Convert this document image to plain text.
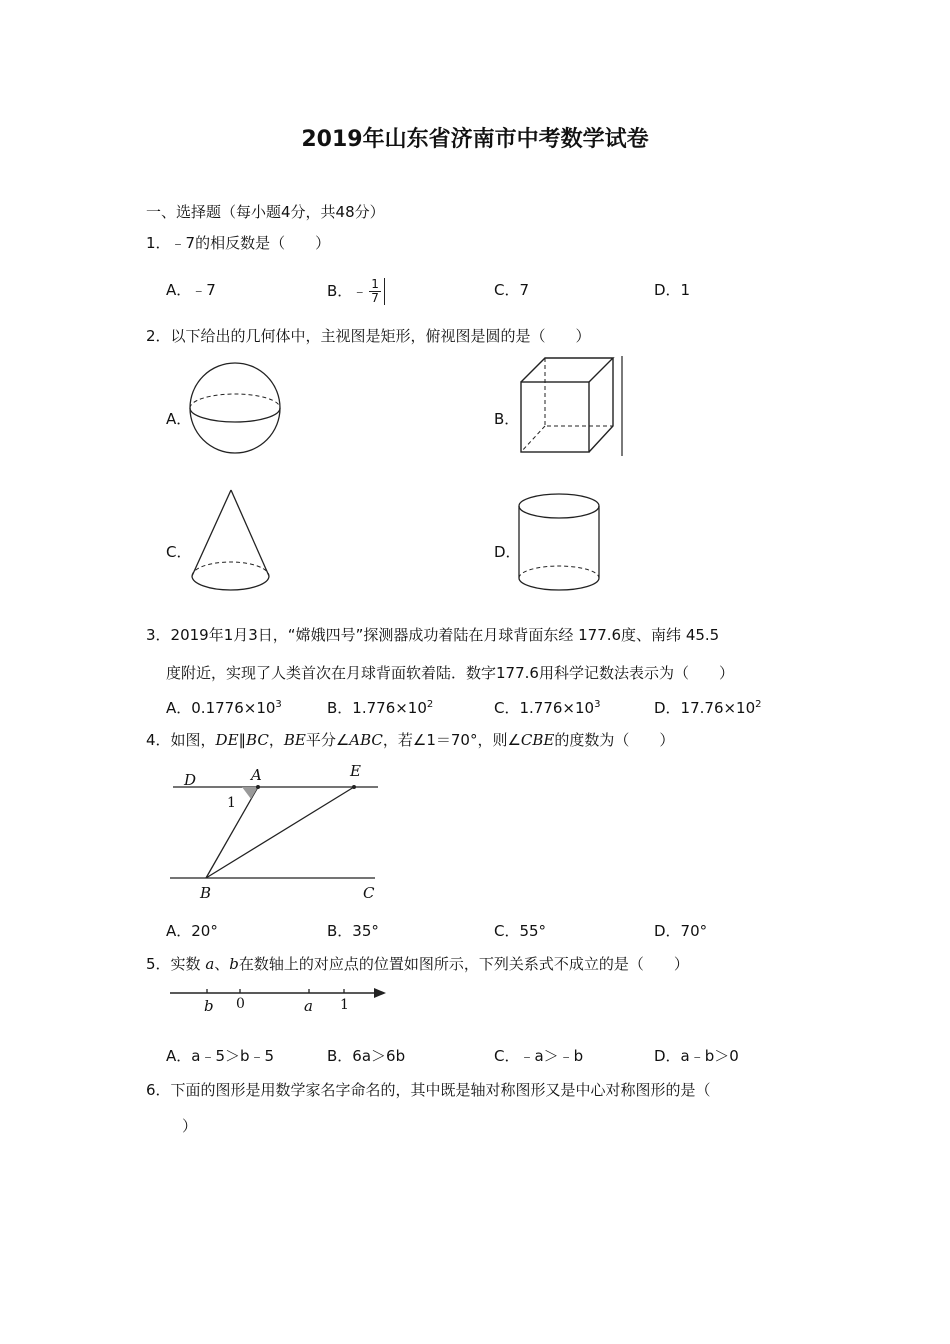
2019年山东省济南市中考数学试卷
一、选择题（每小题4分，共48分）
1．﹣7的相反数是（　　）
A．﹣7	B．﹣ $\frac{1}{7}$	C．7	D．1
2．以下给出的几何体中，主视图是矩形，俯视图是圆的是（　　）
A．	B．
C．	D．
3．2019年1月3日，“嫦娥四号”探测器成功着陆在月球背面东经 177.6度、南纬 45.5
度附近，实现了人类首次在月球背面软着陆．数字177.6用科学记数法表示为（　　）
A．$0.1776\times 10^3$	B．$1.776\times 10^2$	C．$1.776\times 10^3$	D．$17.76\times 10^2$
4．如图，DE∥BC，BE平分∠ABC，若∠1＝70°，则∠CBE的度数为（　　）
D	A	E
1
B	C
A．20°	B．35°	C．55°	D．70°
5．实数 a、b在数轴上的对应点的位置如图所示，下列关系式不成立的是（　　）
b 0	a 1
A．a﹣5＞b﹣5	B．6a＞6b	C．﹣a＞﹣b	D．a﹣b＞0
6．下面的图形是用数学家名字命名的，其中既是轴对称图形又是中心对称图形的是（
）
